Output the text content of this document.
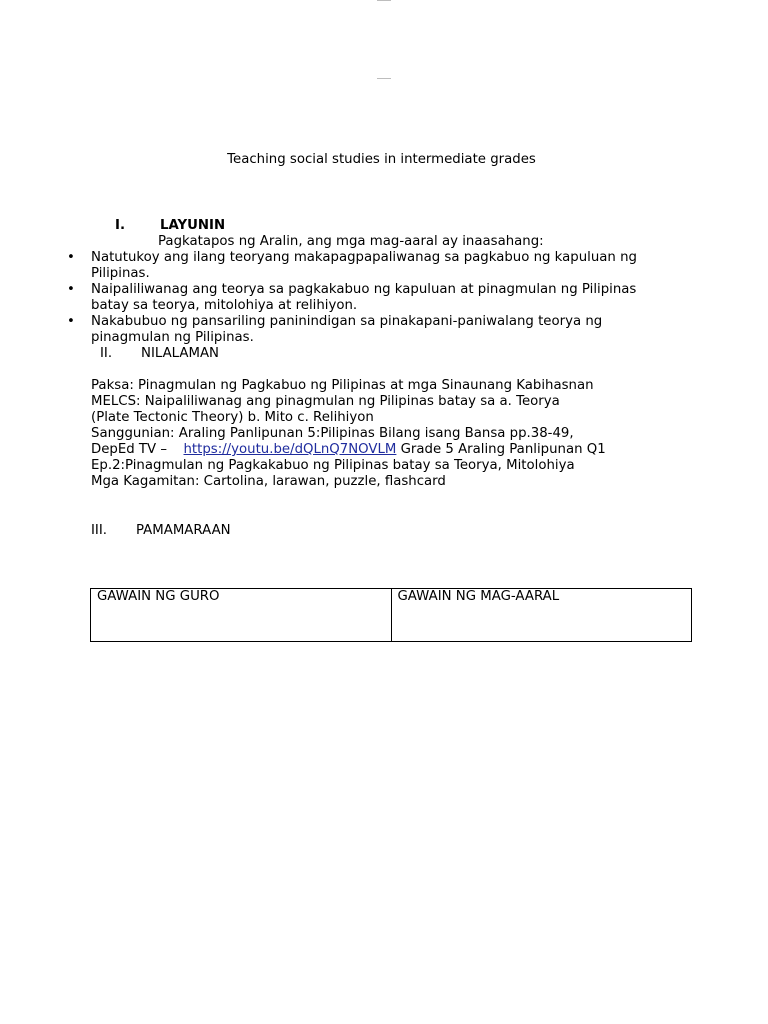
Teaching social studies in intermediate grades
I.	LAYUNIN
Pagkatapos ng Aralin, ang mga mag-aaral ay inaasahang:
• Natutukoy ang ilang teoryang makapagpapaliwanag sa pagkabuo ng kapuluan ng Pilipinas.
• Naipaliliwanag ang teorya sa pagkakabuo ng kapuluan at pinagmulan ng Pilipinas batay sa teorya, mitolohiya at relihiyon.
• Nakabubuo ng pansariling paninindigan sa pinakapani-paniwalang teorya ng pinagmulan ng Pilipinas.
II. NILALAMAN
Paksa: Pinagmulan ng Pagkabuo ng Pilipinas at mga Sinaunang Kabihasnan
MELCS: Naipaliliwanag ang pinagmulan ng Pilipinas batay sa a. Teorya
(Plate Tectonic Theory) b. Mito c. Relihiyon
Sanggunian: Araling Panlipunan 5:Pilipinas Bilang isang Bansa pp.38-49,
DepEd TV – https://youtu.be/dQLnQ7NOVLM Grade 5 Araling Panlipunan Q1
Ep.2:Pinagmulan ng Pagkakabuo ng Pilipinas batay sa Teorya, Mitolohiya
Mga Kagamitan: Cartolina, larawan, puzzle, flashcard
III. PAMAMARAAN
GAWAIN NG GURO	GAWAIN NG MAG-AARAL
